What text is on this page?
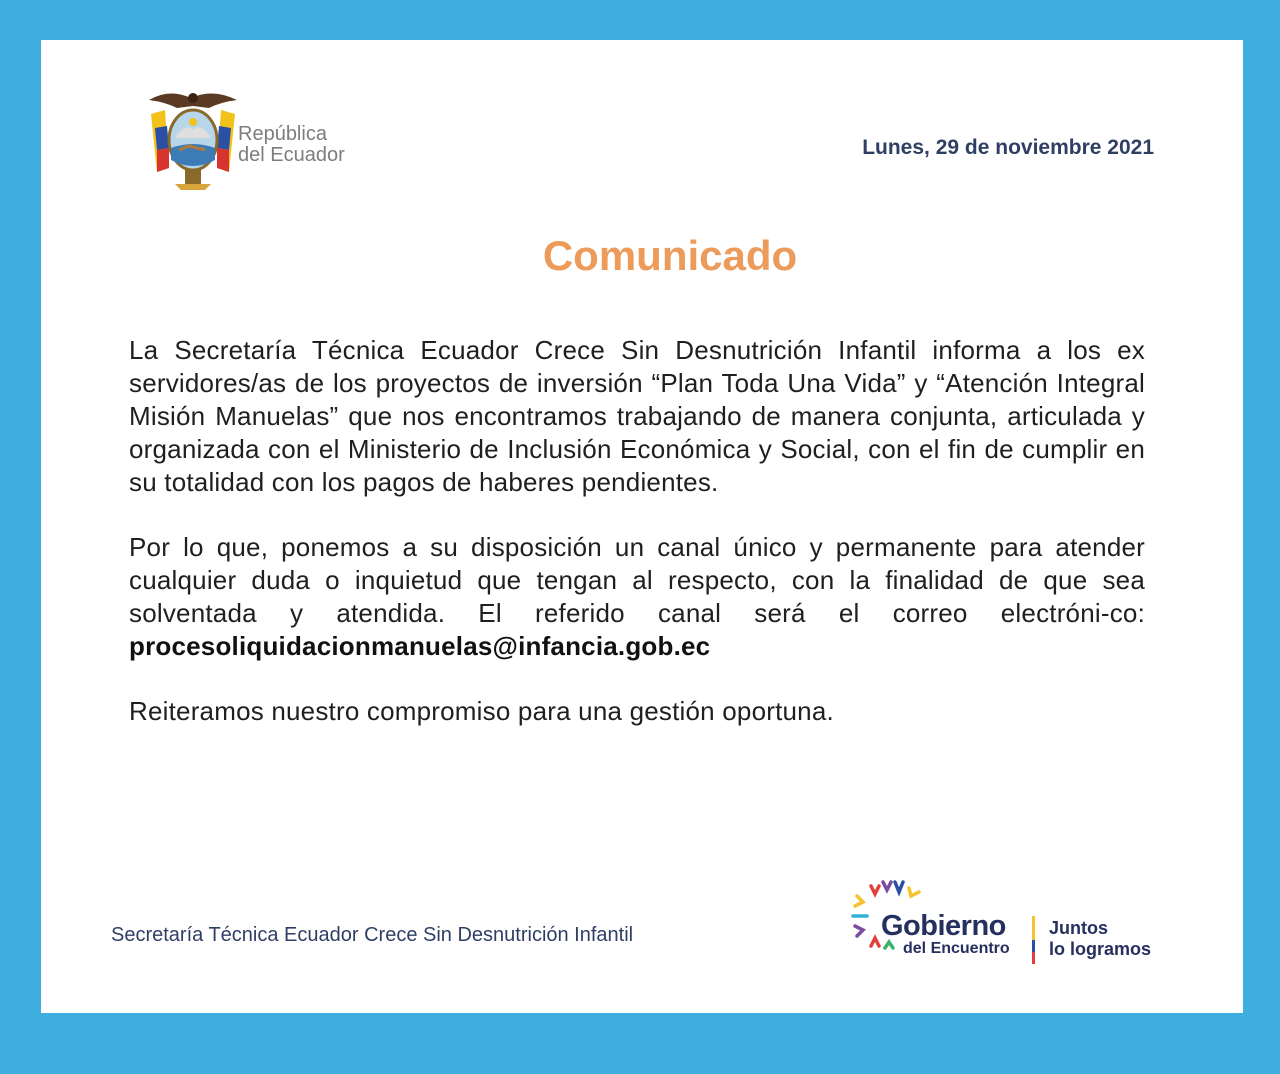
República
del Ecuador	Lunes, 29 de noviembre 2021
Comunicado

La Secretaría Técnica Ecuador Crece Sin Desnutrición Infantil informa a los ex servidores/as de los proyectos de inversión “Plan Toda Una Vida” y “Atención Integral Misión Manuelas” que nos encontramos trabajando de manera conjunta, articulada y organizada con el Ministerio de Inclusión Económica y Social, con el fin de cumplir en su totalidad con los pagos de haberes pendientes.

Por lo que, ponemos a su disposición un canal único y permanente para atender cualquier duda o inquietud que tengan al respecto, con la finalidad de que sea solventada y atendida. El referido canal será el correo electróni-co: procesoliquidacionmanuelas@infancia.gob.ec

Reiteramos nuestro compromiso para una gestión oportuna.

Secretaría Técnica Ecuador Crece Sin Desnutrición Infantil	Gobierno
del Encuentro
Juntos
lo logramos
